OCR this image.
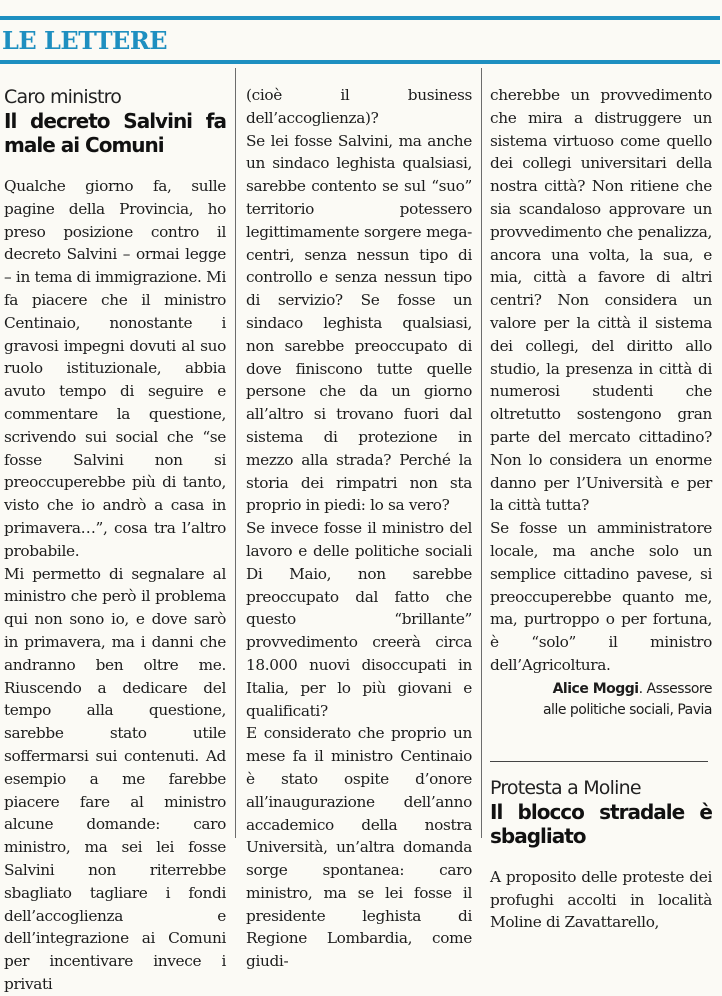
LE LETTERE
Caro ministro
Il decreto Salvini fa male ai Comuni

Qualche giorno fa, sulle pagine della Provincia, ho preso posizione contro il decreto Salvini – ormai legge – in tema di immigrazione. Mi fa piacere che il ministro Centinaio, nonostante i gravosi impegni dovuti al suo ruolo istituzionale, abbia avuto tempo di seguire e commentare la questione, scrivendo sui social che “se fosse Salvini non si preoccuperebbe più di tanto, visto che io andrò a casa in primavera…”, cosa tra l’altro probabile.

Mi permetto di segnalare al ministro che però il problema qui non sono io, e dove sarò in primavera, ma i danni che andranno ben oltre me. Riuscendo a dedicare del tempo alla questione, sarebbe stato utile soffermarsi sui contenuti. Ad esempio a me farebbe piacere fare al ministro alcune domande: caro ministro, ma sei lei fosse Salvini non riterrebbe sbagliato tagliare i fondi dell’accoglienza e dell’integrazione ai Comuni per incentivare invece i privati

(cioè il business dell’accoglienza)?

Se lei fosse Salvini, ma anche un sindaco leghista qualsiasi, sarebbe contento se sul “suo” territorio potessero legittimamente sorgere mega-centri, senza nessun tipo di controllo e senza nessun tipo di servizio? Se fosse un sindaco leghista qualsiasi, non sarebbe preoccupato di dove finiscono tutte quelle persone che da un giorno all’altro si trovano fuori dal sistema di protezione in mezzo alla strada? Perché la storia dei rimpatri non sta proprio in piedi: lo sa vero?

Se invece fosse il ministro del lavoro e delle politiche sociali Di Maio, non sarebbe preoccupato dal fatto che questo “brillante” provvedimento creerà circa 18.000 nuovi disoccupati in Italia, per lo più giovani e qualificati?

E considerato che proprio un mese fa il ministro Centinaio è stato ospite d’onore all’inaugurazione dell’anno accademico della nostra Università, un’altra domanda sorge spontanea: caro ministro, ma se lei fosse il presidente leghista di Regione Lombardia, come giudi-

cherebbe un provvedimento che mira a distruggere un sistema virtuoso come quello dei collegi universitari della nostra città? Non ritiene che sia scandaloso approvare un provvedimento che penalizza, ancora una volta, la sua, e mia, città a favore di altri centri? Non considera un valore per la città il sistema dei collegi, del diritto allo studio, la presenza in città di numerosi studenti che oltretutto sostengono gran parte del mercato cittadino? Non lo considera un enorme danno per l’Università e per la città tutta?

Se fosse un amministratore locale, ma anche solo un semplice cittadino pavese, si preoccuperebbe quanto me, ma, purtroppo o per fortuna, è “solo” il ministro dell’Agricoltura.

Alice Moggi. Assessore
alle politiche sociali, Pavia
Protesta a Moline
Il blocco stradale è sbagliato

A proposito delle proteste dei profughi accolti in località Moline di Zavattarello,
